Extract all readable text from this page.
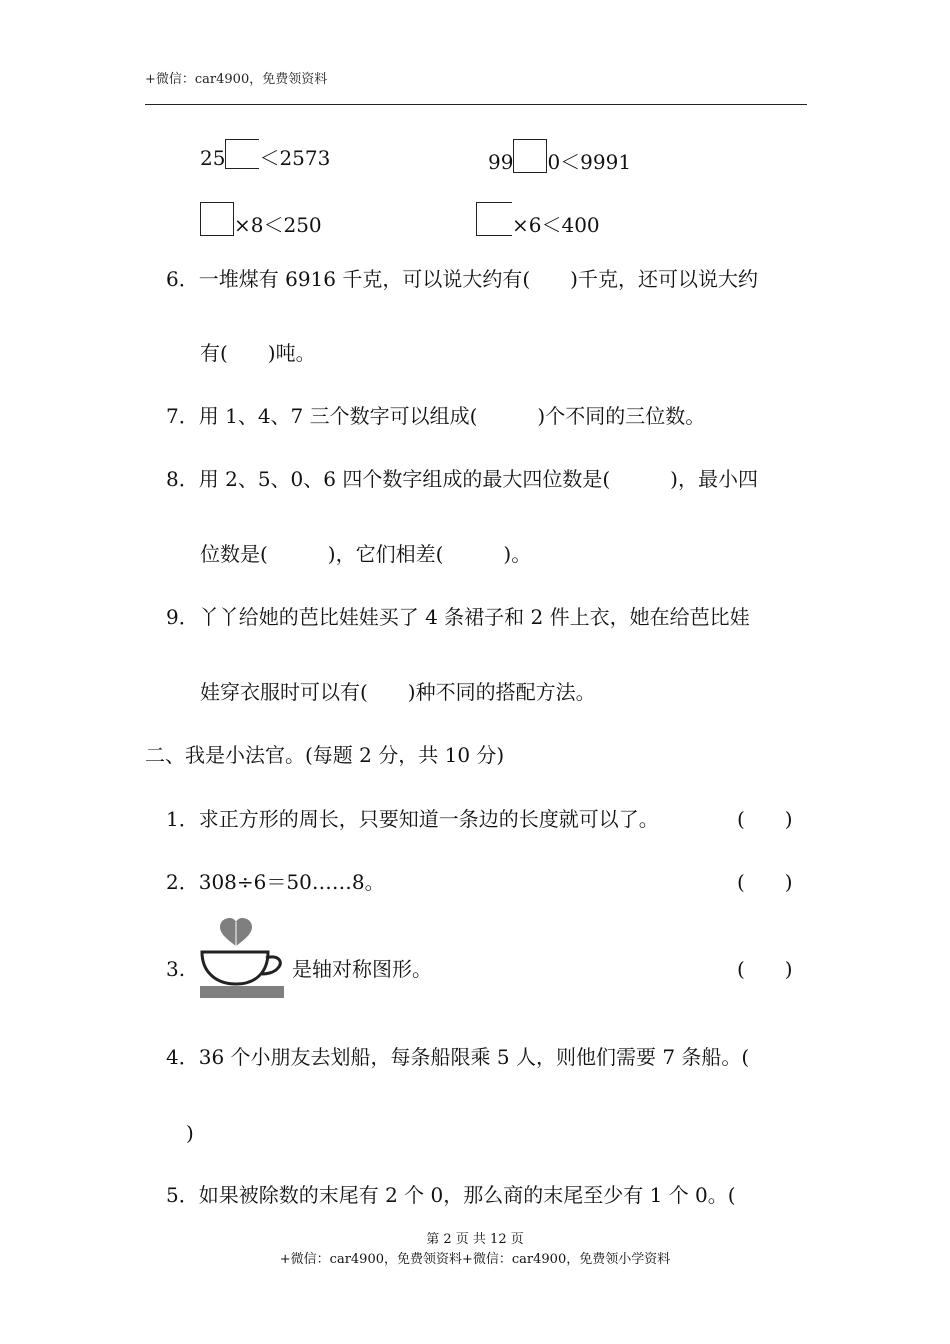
+微信：car4900，免费领资料
25 ＜2573	99 0＜9991
×8＜250	×6＜400
6．一堆煤有 6916 千克，可以说大约有(　　)千克，还可以说大约
有(　　)吨。
7．用 1、4、7 三个数字可以组成(　　　)个不同的三位数。
8．用 2、5、0、6 四个数字组成的最大四位数是(　　　)，最小四
位数是(　　　)，它们相差(　　　)。
9．丫丫给她的芭比娃娃买了 4 条裙子和 2 件上衣，她在给芭比娃
娃穿衣服时可以有(　　)种不同的搭配方法。
二、我是小法官。(每题 2 分，共 10 分)
1．求正方形的周长，只要知道一条边的长度就可以了。	(　　)
2．308÷6＝50……8。	(　　)
3.	是轴对称图形。	(　　)
4．36 个小朋友去划船，每条船限乘 5 人，则他们需要 7 条船。(
)
5．如果被除数的末尾有 2 个 0，那么商的末尾至少有 1 个 0。(
第 2 页 共 12 页
+微信：car4900，免费领资料+微信：car4900，免费领小学资料
